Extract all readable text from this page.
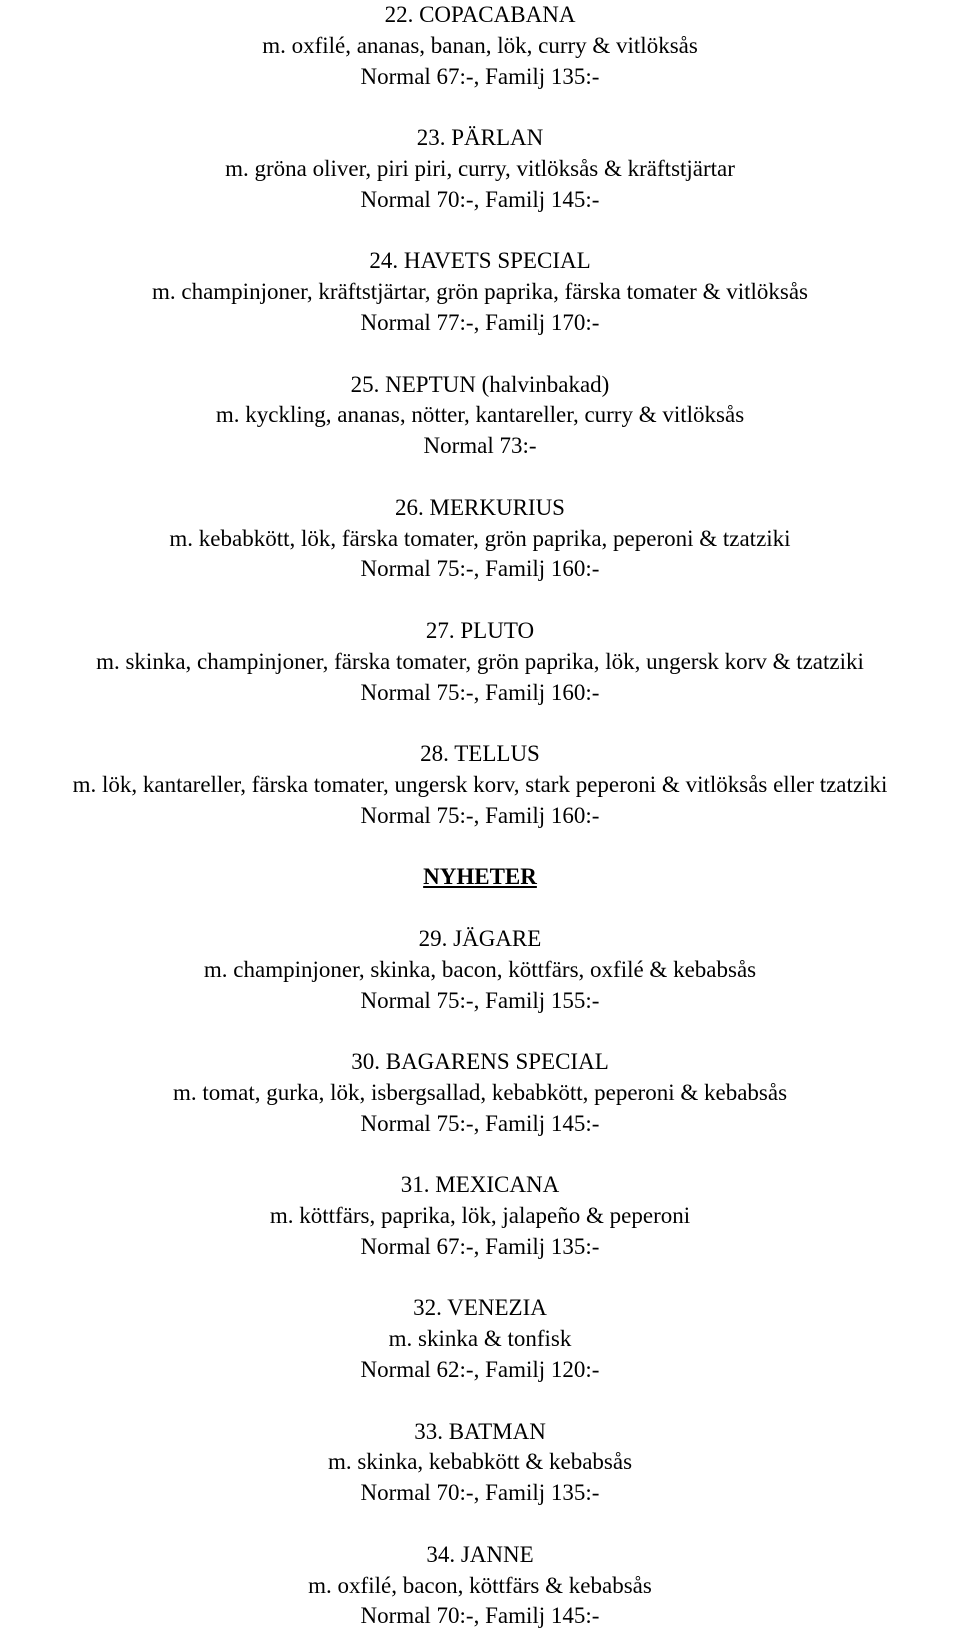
22. COPACABANA
m. oxfilé, ananas, banan, lök, curry & vitlöksås
Normal 67:-, Familj 135:-
23. PÄRLAN
m. gröna oliver, piri piri, curry, vitlöksås & kräftstjärtar
Normal 70:-, Familj 145:-
24. HAVETS SPECIAL
m. champinjoner, kräftstjärtar, grön paprika, färska tomater & vitlöksås
Normal 77:-, Familj 170:-
25. NEPTUN (halvinbakad)
m. kyckling, ananas, nötter, kantareller, curry & vitlöksås
Normal 73:-
26. MERKURIUS
m. kebabkött, lök, färska tomater, grön paprika, peperoni & tzatziki
Normal 75:-, Familj 160:-
27. PLUTO
m. skinka, champinjoner, färska tomater, grön paprika, lök, ungersk korv & tzatziki
Normal 75:-, Familj 160:-
28. TELLUS
m. lök, kantareller, färska tomater, ungersk korv, stark peperoni & vitlöksås eller tzatziki
Normal 75:-, Familj 160:-
NYHETER
29. JÄGARE
m. champinjoner, skinka, bacon, köttfärs, oxfilé & kebabsås
Normal 75:-, Familj 155:-
30. BAGARENS SPECIAL
m. tomat, gurka, lök, isbergsallad, kebabkött, peperoni & kebabsås
Normal 75:-, Familj 145:-
31. MEXICANA
m. köttfärs, paprika, lök, jalapeño & peperoni
Normal 67:-, Familj 135:-
32. VENEZIA
m. skinka & tonfisk
Normal 62:-, Familj 120:-
33. BATMAN
m. skinka, kebabkött & kebabsås
Normal 70:-, Familj 135:-
34. JANNE
m. oxfilé, bacon, köttfärs & kebabsås
Normal 70:-, Familj 145:-
